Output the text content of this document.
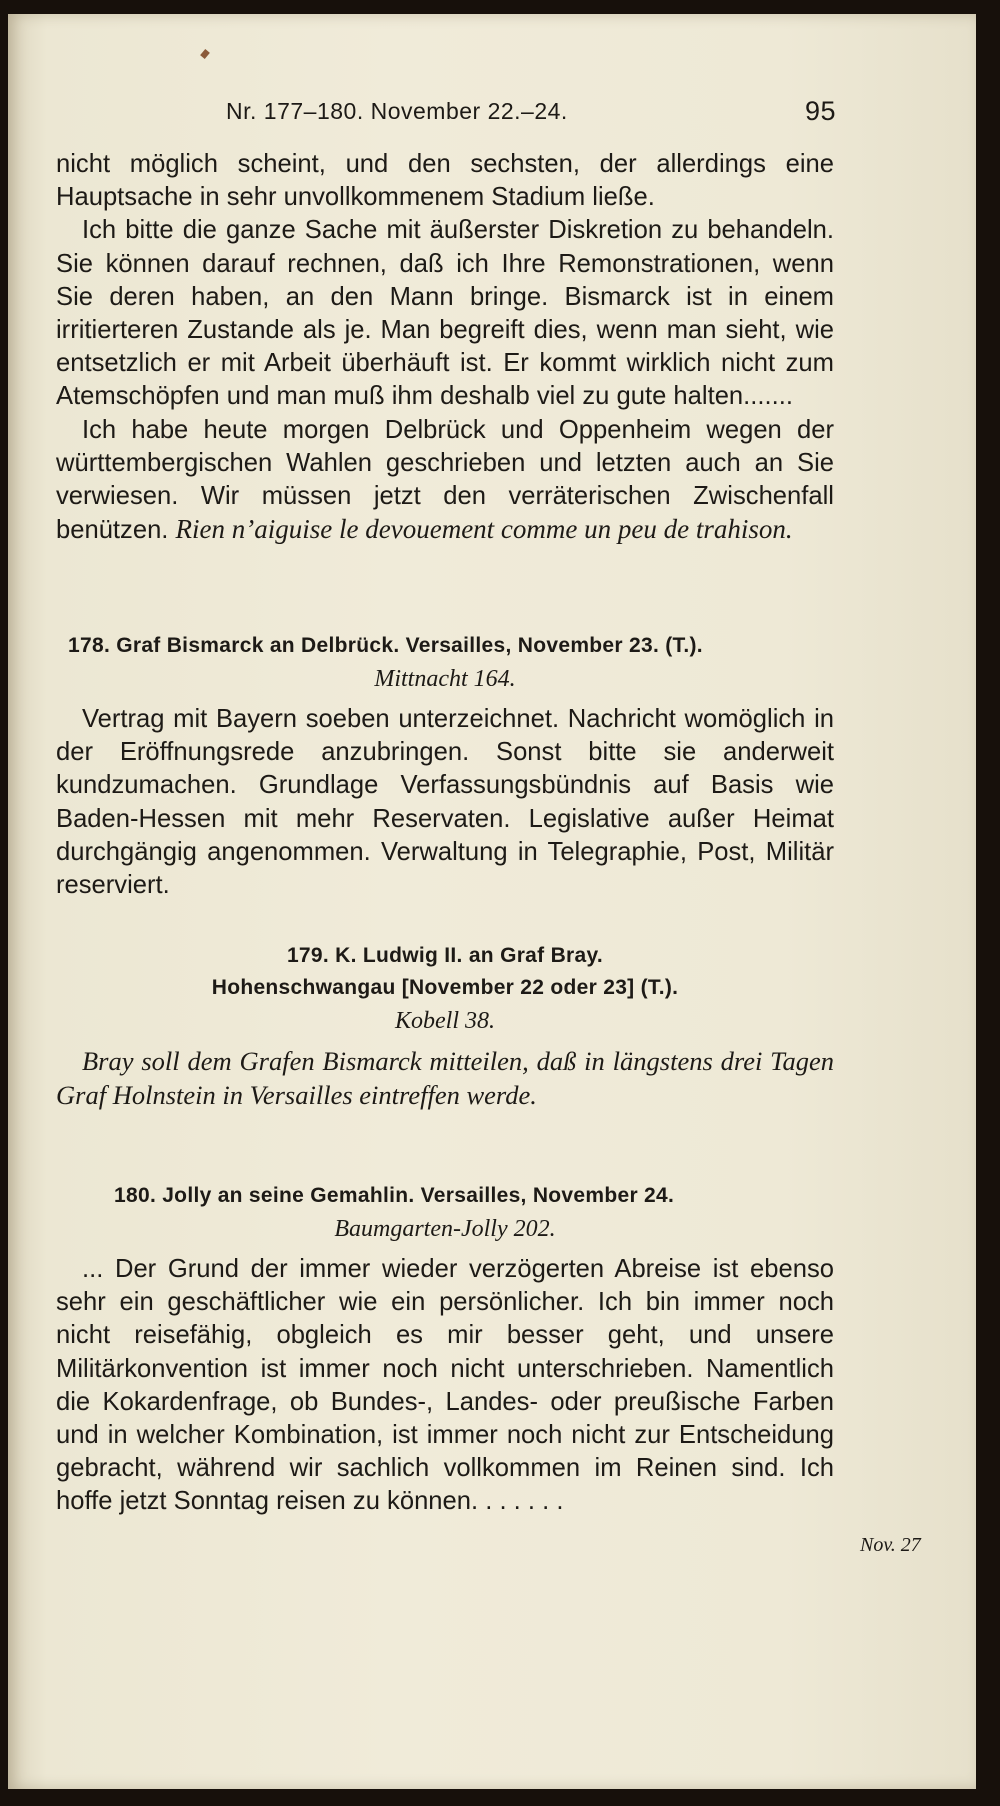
Nr. 177–180. November 22.–24.	95

nicht möglich scheint, und den sechsten, der allerdings eine Hauptsache in sehr unvollkommenem Stadium ließe.

Ich bitte die ganze Sache mit äußerster Diskretion zu behandeln. Sie können darauf rechnen, daß ich Ihre Remonstrationen, wenn Sie deren haben, an den Mann bringe. Bismarck ist in einem irritierteren Zustande als je. Man begreift dies, wenn man sieht, wie entsetzlich er mit Arbeit überhäuft ist. Er kommt wirklich nicht zum Atemschöpfen und man muß ihm deshalb viel zu gute halten.......

Ich habe heute morgen Delbrück und Oppenheim wegen der württembergischen Wahlen geschrieben und letzten auch an Sie verwiesen. Wir müssen jetzt den verräterischen Zwischenfall benützen. Rien n’aiguise le devouement comme un peu de trahison.

178. Graf Bismarck an Delbrück. Versailles, November 23. (T.).
Mittnacht 164.

Vertrag mit Bayern soeben unterzeichnet. Nachricht womöglich in der Eröffnungsrede anzubringen. Sonst bitte sie anderweit kundzumachen. Grundlage Verfassungsbündnis auf Basis wie Baden-Hessen mit mehr Reservaten. Legislative außer Heimat durchgängig angenommen. Verwaltung in Telegraphie, Post, Militär reserviert.

179. K. Ludwig II. an Graf Bray.
Hohenschwangau [November 22 oder 23] (T.).
Kobell 38.

Bray soll dem Grafen Bismarck mitteilen, daß in längstens drei Tagen Graf Holnstein in Versailles eintreffen werde.

180. Jolly an seine Gemahlin. Versailles, November 24.
Baumgarten-Jolly 202.

... Der Grund der immer wieder verzögerten Abreise ist ebenso sehr ein geschäftlicher wie ein persönlicher. Ich bin immer noch nicht reisefähig, obgleich es mir besser geht, und unsere Militärkonvention ist immer noch nicht unterschrieben. Namentlich die Kokardenfrage, ob Bundes-, Landes- oder preußische Farben und in welcher Kombination, ist immer noch nicht zur Entscheidung gebracht, während wir sachlich vollkommen im Reinen sind. Ich hoffe jetzt Sonntag reisen zu können. . . . . . .

Nov. 27
